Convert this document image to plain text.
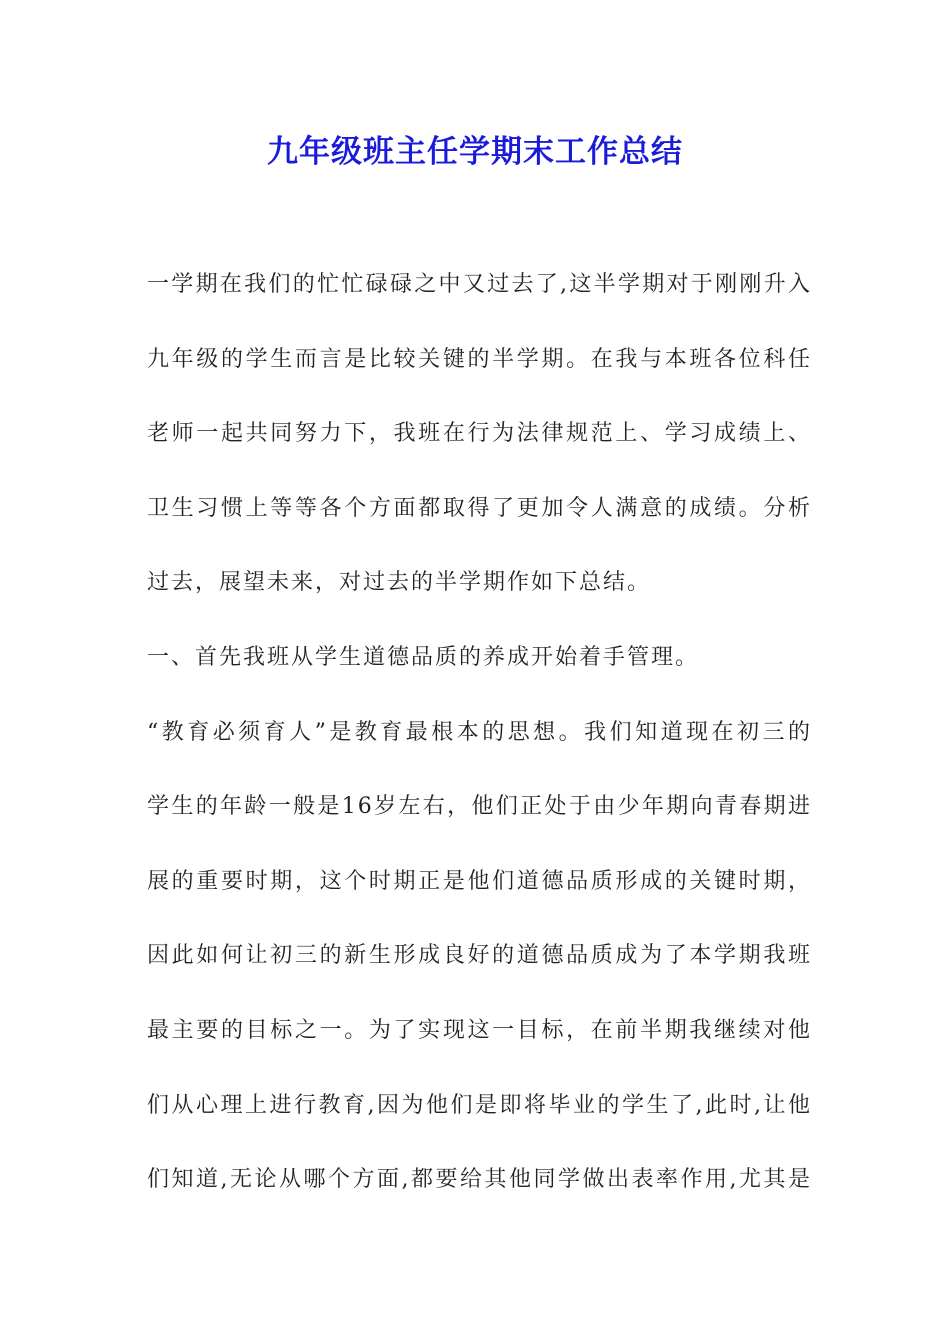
九年级班主任学期末工作总结
一学期在我们的忙忙碌碌之中又过去了,这半学期对于刚刚升入
九年级的学生而言是比较关键的半学期。在我与本班各位科任
老师一起共同努力下，我班在行为法律规范上、学习成绩上、
卫生习惯上等等各个方面都取得了更加令人满意的成绩。分析
过去，展望未来，对过去的半学期作如下总结。
一、首先我班从学生道德品质的养成开始着手管理。
“教育必须育人”是教育最根本的思想。我们知道现在初三的
学生的年龄一般是16岁左右，他们正处于由少年期向青春期进
展的重要时期，这个时期正是他们道德品质形成的关键时期，
因此如何让初三的新生形成良好的道德品质成为了本学期我班
最主要的目标之一。为了实现这一目标，在前半期我继续对他
们从心理上进行教育,因为他们是即将毕业的学生了,此时,让他
们知道,无论从哪个方面,都要给其他同学做出表率作用,尤其是
